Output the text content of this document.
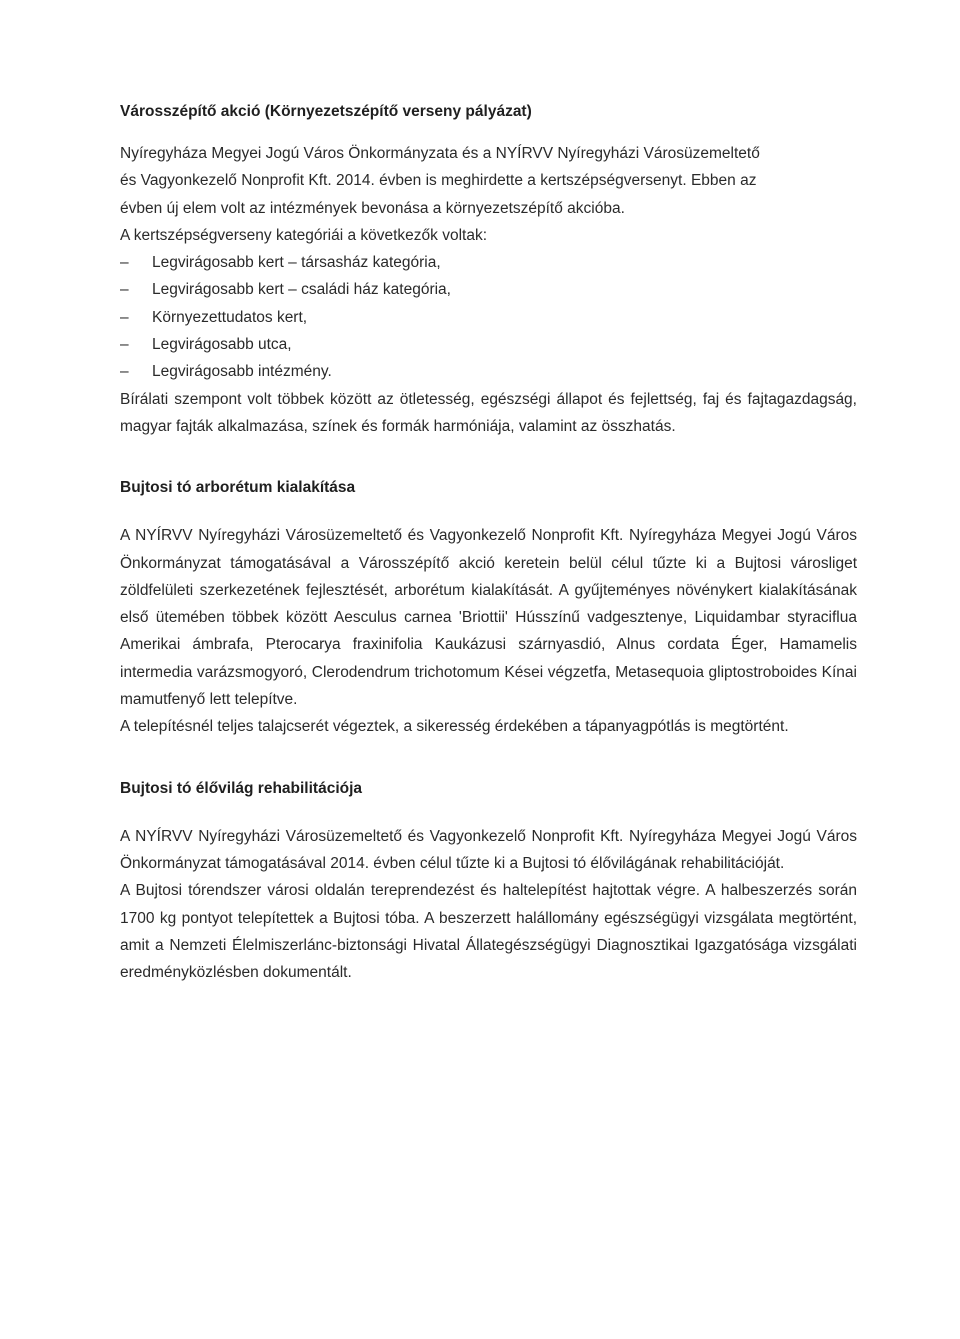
Városszépítő akció (Környezetszépítő verseny pályázat)

Nyíregyháza Megyei Jogú Város Önkormányzata és a NYÍRVV Nyíregyházi Városüzemeltető

és Vagyonkezelő Nonprofit Kft. 2014. évben is meghirdette a kertszépségversenyt. Ebben az

évben új elem volt az intézmények bevonása a környezetszépítő akcióba.

A kertszépségverseny kategóriái a következők voltak:

– Legvirágosabb kert – társasház kategória,
– Legvirágosabb kert – családi ház kategória,
– Környezettudatos kert,
– Legvirágosabb utca,
– Legvirágosabb intézmény.

Bírálati szempont volt többek között az ötletesség, egészségi állapot és fejlettség, faj és fajtagazdagság, magyar fajták alkalmazása, színek és formák harmóniája, valamint az összhatás.

Bujtosi tó arborétum kialakítása

A NYÍRVV Nyíregyházi Városüzemeltető és Vagyonkezelő Nonprofit Kft. Nyíregyháza Megyei Jogú Város Önkormányzat támogatásával a Városszépítő akció keretein belül célul tűzte ki a Bujtosi városliget zöldfelületi szerkezetének fejlesztését, arborétum kialakítását. A gyűjteményes növénykert kialakításának első ütemében többek között Aesculus carnea 'Briottii' Hússzínű vadgesztenye, Liquidambar styraciflua Amerikai ámbrafa, Pterocarya fraxinifolia Kaukázusi szárnyasdió, Alnus cordata Éger, Hamamelis intermedia varázsmogyoró, Clerodendrum trichotomum Kései végzetfa, Metasequoia gliptostroboides Kínai mamutfenyő lett telepítve.

A telepítésnél teljes talajcserét végeztek, a sikeresség érdekében a tápanyagpótlás is megtörtént.

Bujtosi tó élővilág rehabilitációja

A NYÍRVV Nyíregyházi Városüzemeltető és Vagyonkezelő Nonprofit Kft. Nyíregyháza Megyei Jogú Város Önkormányzat támogatásával 2014. évben célul tűzte ki a Bujtosi tó élővilágának rehabilitációját.

A Bujtosi tórendszer városi oldalán tereprendezést és haltelepítést hajtottak végre. A halbeszerzés során 1700 kg pontyot telepítettek a Bujtosi tóba. A beszerzett halállomány egészségügyi vizsgálata megtörtént, amit a Nemzeti Élelmiszerlánc-biztonsági Hivatal Állategészségügyi Diagnosztikai Igazgatósága vizsgálati eredményközlésben dokumentált.
